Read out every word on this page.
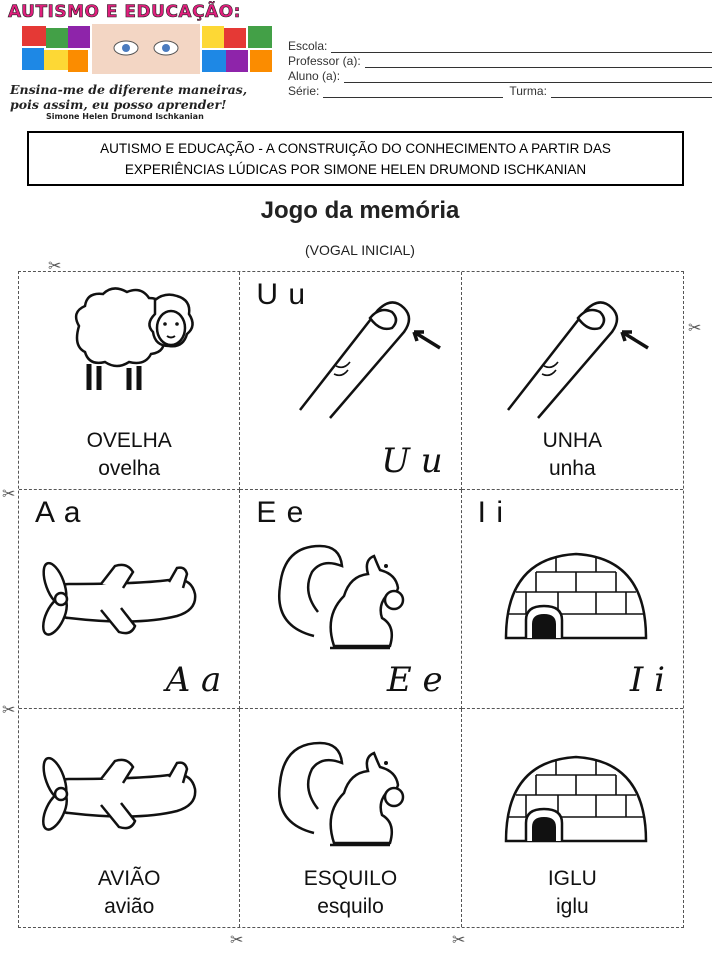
AUTISMO E EDUCAÇÃO:
Ensina-me de diferente maneiras,
pois assim, eu posso aprender!
Simone Helen Drumond Ischkanian
Escola:
Professor (a):
Aluno (a):
Série:	Turma:
AUTISMO E EDUCAÇÃO - A CONSTRUIÇÃO DO CONHECIMENTO A PARTIR DAS
EXPERIÊNCIAS LÚDICAS POR SIMONE HELEN DRUMOND ISCHKANIAN
Jogo da memória
(VOGAL INICIAL)
✂
✂
✂
✂
✂	✂
OVELHA
ovelha
U u
U u
UNHA
unha
A a
A a
E e
E e
I i
I i
AVIÃO
avião
ESQUILO
esquilo
IGLU
iglu
